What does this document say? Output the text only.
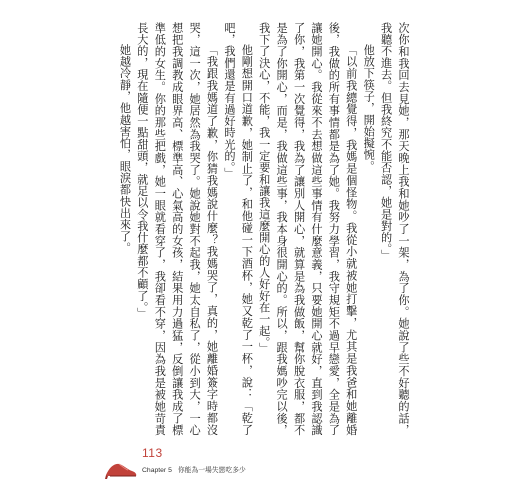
次你和我回去見她，那天晚上我和她吵了一架，為了你。她說了些不好聽的話，我聽不進去。但我終究不能否認，她是對的。」

他放下筷子，開始擬惋。

「以前我總覺得，我媽是個怪物。我從小就被她打擊，尤其是我爸和她離婚後，我做的所有事情都是為了她。我努力學習，我守規矩不過早戀愛，全是為了讓她開心。我從來不去想做這些事情有什麼意義，只要她開心就好，直到我認識了你，我第一次覺得，我為了讓別人開心，就算是為我做飯，幫你脫衣服，都不是為了你開心，而是，我做這些事，我本身很開心的。所以，跟我媽吵完以後，我下了決心，不能，我一定要和讓我這麼開心的人好好在一起。」

他剛想開口道歉，她制止了，和他碰一下酒杯，她又乾了一杯，說：「乾了吧，我們還是有過好時光的。」

「我跟我媽道了歉，你猜我媽說什麼？我媽哭了，真的，她離婚簽字時都沒哭，這一次，她居然為我哭了。她說她對不起我，她太自私了，從小到大，一心想把我調教成眼界高、標準高、心氣高的女孩，結果用力過猛，反倒讓我成了標準低的女生。你的那些把戲，她一眼就看穿了，我卻看不穿，因為我是被她苛責長大的，現在隨便一點甜頭，就足以令我什麼都不顧了。」

她越冷靜，他越害怕，眼淚都快出來了。

113
Chapter 5 你能為一場失戀吃多少
